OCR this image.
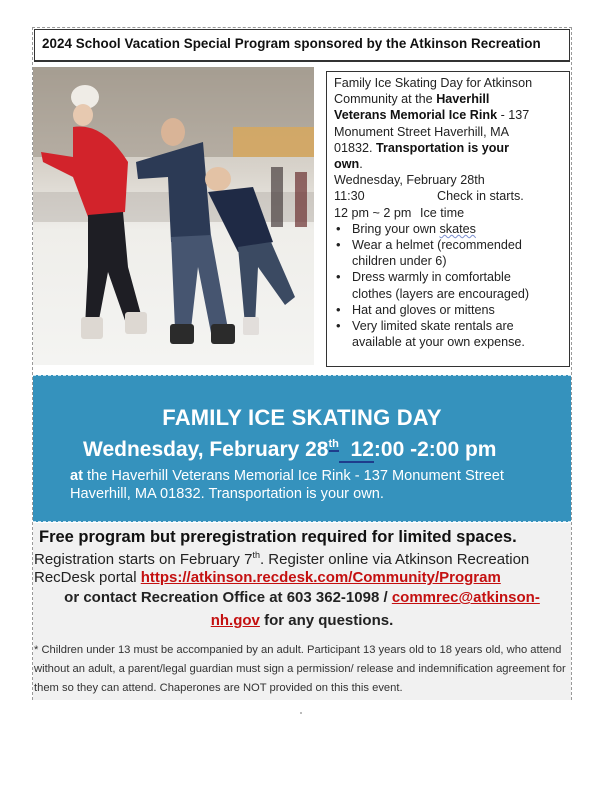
2024 School Vacation Special Program sponsored by the Atkinson Recreation
Family Ice Skating Day for Atkinson
Community at the Haverhill
Veterans Memorial Ice Rink - 137
Monument Street Haverhill, MA
01832. Transportation is your
own.
Wednesday, February 28th
11:30	Check in starts.
12 pm ~ 2 pm Ice time
• Bring your own skates
• Wear a helmet (recommended
children under 6)
• Dress warmly in comfortable
clothes (layers are encouraged)
• Hat and gloves or mittens
• Very limited skate rentals are
available at your own expense.
FAMILY ICE SKATING DAY
Wednesday, February 28th  12:00 -2:00 pm
at the Haverhill Veterans Memorial Ice Rink - 137 Monument Street Haverhill, MA 01832. Transportation is your own.
Free program but preregistration required for limited spaces.
Registration starts on February 7th. Register online via Atkinson Recreation
RecDesk portal https://atkinson.recdesk.com/Community/Program
or contact Recreation Office at 603 362-1098 / commrec@atkinson-
nh.gov for any questions.
* Children under 13 must be accompanied by an adult. Participant 13 years old to 18 years old, who attend without an adult, a parent/legal guardian must sign a permission/ release and indemnification agreement for them so they can attend. Chaperones are NOT provided on this this event.
